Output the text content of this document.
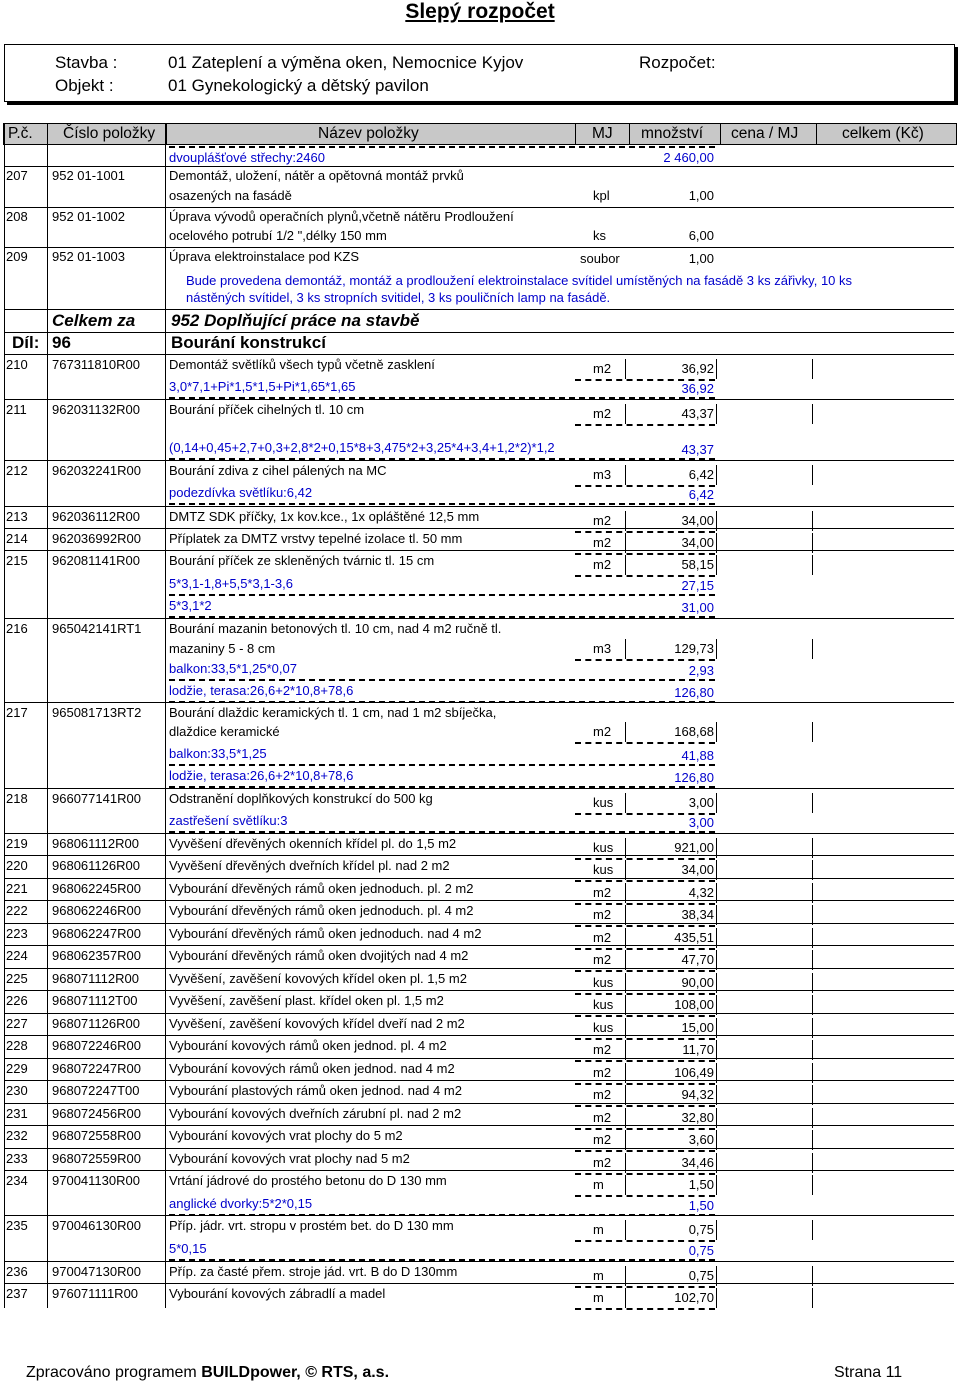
Slepý rozpočet
Stavba :	01 Zateplení a výměna oken, Nemocnice Kyjov
Objekt :	01 Gynekologický a dětský pavilon
Rozpočet:
P.č. Číslo položky	Název položky	MJ množství cena / MJ	celkem (Kč)
dvouplášťové střechy:2460	2 460,00
207 952 01-1001	Demontáž, uložení, nátěr a opětovná montáž prvků
osazených na fasádě	kpl	1,00
208 952 01-1002	Úprava vývodů operačních plynů,včetně nátěru Prodloužení
ocelového potrubí 1/2 ",délky 150 mm	ks	6,00
209 952 01-1003	Úprava elektroinstalace pod KZS	soubor	1,00
Bude provedena demontáž, montáž a prodloužení elektroinstalace svítidel umístěných na fasádě 3 ks zářivky, 10 ks
nástěných svítidel, 3 ks stropních svitidel, 3 ks pouličních lamp na fasádě.
Celkem za 952 Doplňující práce na stavbě
Díl: 96	Bourání konstrukcí
210 767311810R00 Demontáž světlíků všech typů včetně zasklení	m2	36,92
3,0*7,1+Pi*1,5*1,5+Pi*1,65*1,65	36,92
211 962031132R00 Bourání příček cihelných tl. 10 cm	m2	43,37
(0,14+0,45+2,7+0,3+2,8*2+0,15*8+3,475*2+3,25*4+3,4+1,2*2)*1,2	43,37
212 962032241R00 Bourání zdiva z cihel pálených na MC	m3	6,42
podezdívka světlíku:6,42	6,42
213 962036112R00 DMTZ SDK příčky, 1x kov.kce., 1x opláštěné 12,5 mm	m2	34,00
214 962036992R00 Příplatek za DMTZ vrstvy tepelné izolace tl. 50 mm	m2	34,00
215 962081141R00 Bourání příček ze skleněných tvárnic tl. 15 cm	m2	58,15
5*3,1-1,8+5,5*3,1-3,6	27,15
5*3,1*2	31,00
216 965042141RT1 Bourání mazanin betonových tl. 10 cm, nad 4 m2 ručně tl.
mazaniny 5 - 8 cm	m3	129,73
balkon:33,5*1,25*0,07	2,93
lodžie, terasa:26,6+2*10,8+78,6	126,80
217 965081713RT2 Bourání dlaždic keramických tl. 1 cm, nad 1 m2 sbíječka,
dlaždice keramické	m2	168,68
balkon:33,5*1,25	41,88
lodžie, terasa:26,6+2*10,8+78,6	126,80
218 966077141R00 Odstranění doplňkových konstrukcí do 500 kg	kus	3,00
zastřešení světlíku:3	3,00
219 968061112R00 Vyvěšení dřevěných okenních křídel pl. do 1,5 m2	kus	921,00
220 968061126R00 Vyvěšení dřevěných dveřních křídel pl. nad 2 m2	kus	34,00
221 968062245R00 Vybourání dřevěných rámů oken jednoduch. pl. 2 m2	m2	4,32
222 968062246R00 Vybourání dřevěných rámů oken jednoduch. pl. 4 m2	m2	38,34
223 968062247R00 Vybourání dřevěných rámů oken jednoduch. nad 4 m2	m2	435,51
224 968062357R00 Vybourání dřevěných rámů oken dvojitých nad 4 m2	m2	47,70
225 968071112R00 Vyvěšení, zavěšení kovových křídel oken pl. 1,5 m2	kus	90,00
226 968071112T00 Vyvěšení, zavěšení plast. křídel oken pl. 1,5 m2	kus	108,00
227 968071126R00 Vyvěšení, zavěšení kovových křídel dveří nad 2 m2	kus	15,00
228 968072246R00 Vybourání kovových rámů oken jednod. pl. 4 m2	m2	11,70
229 968072247R00 Vybourání kovových rámů oken jednod. nad 4 m2	m2	106,49
230 968072247T00 Vybourání plastových rámů oken jednod. nad 4 m2	m2	94,32
231 968072456R00 Vybourání kovových dveřních zárubní pl. nad 2 m2	m2	32,80
232 968072558R00 Vybourání kovových vrat plochy do 5 m2	m2	3,60
233 968072559R00 Vybourání kovových vrat plochy nad 5 m2	m2	34,46
234 970041130R00 Vrtání jádrové do prostého betonu do D 130 mm	m	1,50
anglické dvorky:5*2*0,15	1,50
235 970046130R00 Příp. jádr. vrt. stropu v prostém bet. do D 130 mm	m	0,75
5*0,15	0,75
236 970047130R00 Příp. za časté přem. stroje jád. vrt. B do D 130mm	m	0,75
237 976071111R00 Vybourání kovových zábradlí a madel	m	102,70
Zpracováno programem BUILDpower, © RTS, a.s.	Strana 11
